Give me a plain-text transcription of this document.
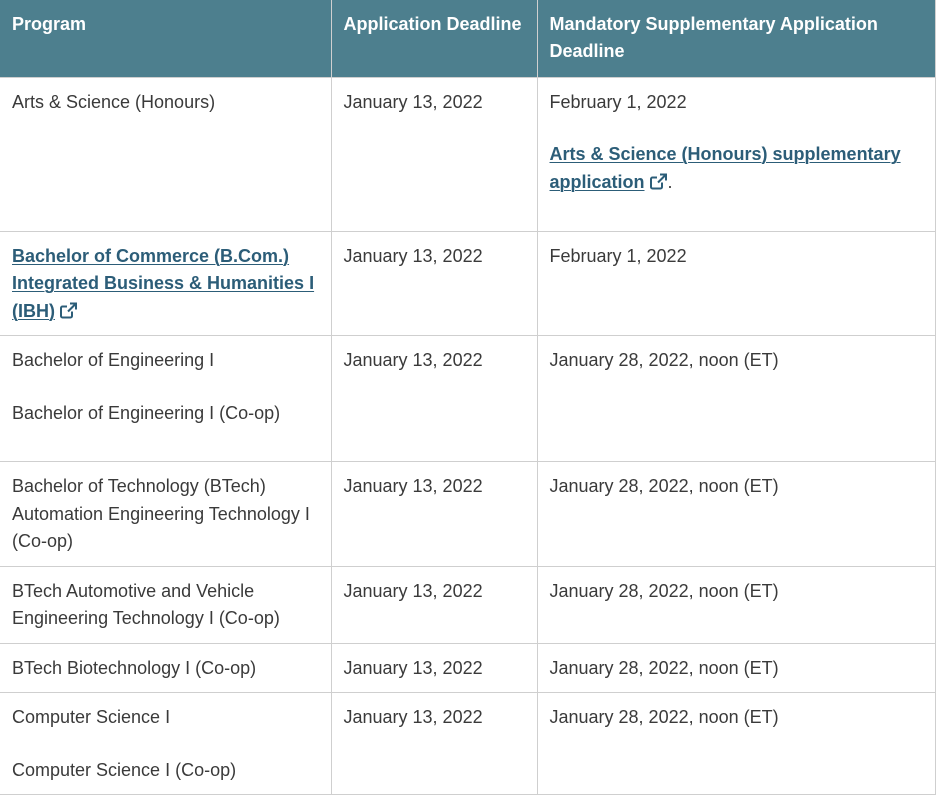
Program	Application Deadline	Mandatory Supplementary Application Deadline

Arts & Science (Honours)	January 13, 2022	February 1, 2022
Arts & Science (Honours) supplementary application .

Bachelor of Commerce (B.Com.) Integrated Business & Humanities I (IBH)	January 13, 2022	February 1, 2022

Bachelor of Engineering I
Bachelor of Engineering I (Co-op)	January 13, 2022	January 28, 2022, noon (ET)

Bachelor of Technology (BTech) Automation Engineering Technology I (Co-op)	January 13, 2022	January 28, 2022, noon (ET)

BTech Automotive and Vehicle Engineering Technology I (Co-op)	January 13, 2022	January 28, 2022, noon (ET)

BTech Biotechnology I (Co-op)	January 13, 2022	January 28, 2022, noon (ET)

Computer Science I
Computer Science I (Co-op)	January 13, 2022	January 28, 2022, noon (ET)
